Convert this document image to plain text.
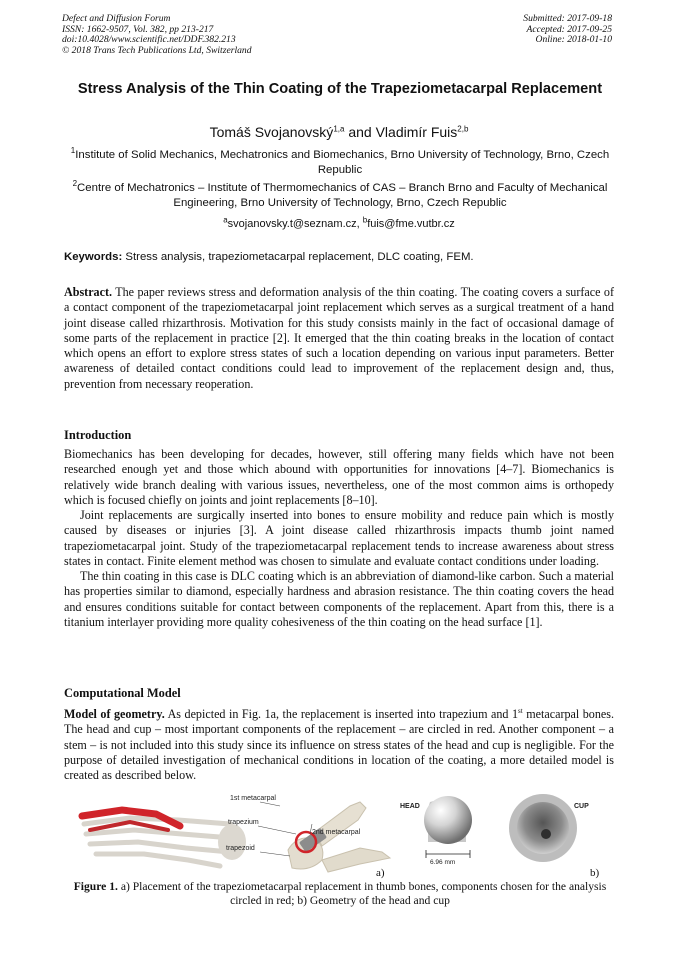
Defect and Diffusion Forum
ISSN: 1662-9507, Vol. 382, pp 213-217
doi:10.4028/www.scientific.net/DDF.382.213
© 2018 Trans Tech Publications Ltd, Switzerland
Submitted: 2017-09-18
Accepted: 2017-09-25
Online: 2018-01-10
Stress Analysis of the Thin Coating of the Trapeziometacarpal Replacement
Tomáš Svojanovský$^{1,a}$ and Vladimír Fuis$^{2,b}$
$^1$Institute of Solid Mechanics, Mechatronics and Biomechanics, Brno University of Technology, Brno, Czech Republic
$^2$Centre of Mechatronics – Institute of Thermomechanics of CAS – Branch Brno and Faculty of Mechanical Engineering, Brno University of Technology, Brno, Czech Republic
$^a$svojanovsky.t@seznam.cz, $^b$fuis@fme.vutbr.cz
Keywords: Stress analysis, trapeziometacarpal replacement, DLC coating, FEM.

Abstract. The paper reviews stress and deformation analysis of the thin coating. The coating covers a surface of a contact component of the trapeziometacarpal joint replacement which serves as a surgical treatment of a hand joint disease called rhizarthrosis. Motivation for this study consists mainly in the fact of occasional damage of some parts of the replacement in practice [2]. It emerged that the thin coating breaks in the location of contact which opens an effort to explore stress states of such a location depending on various input parameters. Better awareness of detailed contact conditions could lead to improvement of the replacement design and, thus, prevention from necessary reoperation.

Introduction

Biomechanics has been developing for decades, however, still offering many fields which have not been researched enough yet and those which abound with opportunities for innovations [4–7]. Biomechanics is relatively wide branch dealing with various issues, nevertheless, one of the most common aims is orthopedy which is focused chiefly on joints and joint replacements [8–10].

Joint replacements are surgically inserted into bones to ensure mobility and reduce pain which is mostly caused by diseases or injuries [3]. A joint disease called rhizarthrosis impacts thumb joint named trapeziometacarpal joint. Study of the trapeziometacarpal replacement tends to increase awareness about stress states in contact. Finite element method was chosen to simulate and evaluate contact conditions under loading.

The thin coating in this case is DLC coating which is an abbreviation of diamond-like carbon. Such a material has properties similar to diamond, especially hardness and abrasion resistance. The thin coating covers the head and ensures conditions suitable for contact between components of the replacement. Apart from this, there is a titanium interlayer providing more quality cohesiveness of the thin coating on the head surface [1].

Computational Model

Model of geometry. As depicted in Fig. 1a, the replacement is inserted into trapezium and 1st metacarpal bones. The head and cup – most important components of the replacement – are circled in red. Another component – a stem – is not included into this study since its influence on stress states of the head and cup is negligible. For the purpose of detailed investigation of mechanical conditions in location of the coating, a more detailed model is created as described below.

1st metacarpal
trapezium
2nd metacarpal
trapezoid
a)
HEAD
6.96 mm
CUP
b)
Figure 1. a) Placement of the trapeziometacarpal replacement in thumb bones, components chosen for the analysis circled in red; b) Geometry of the head and cup
